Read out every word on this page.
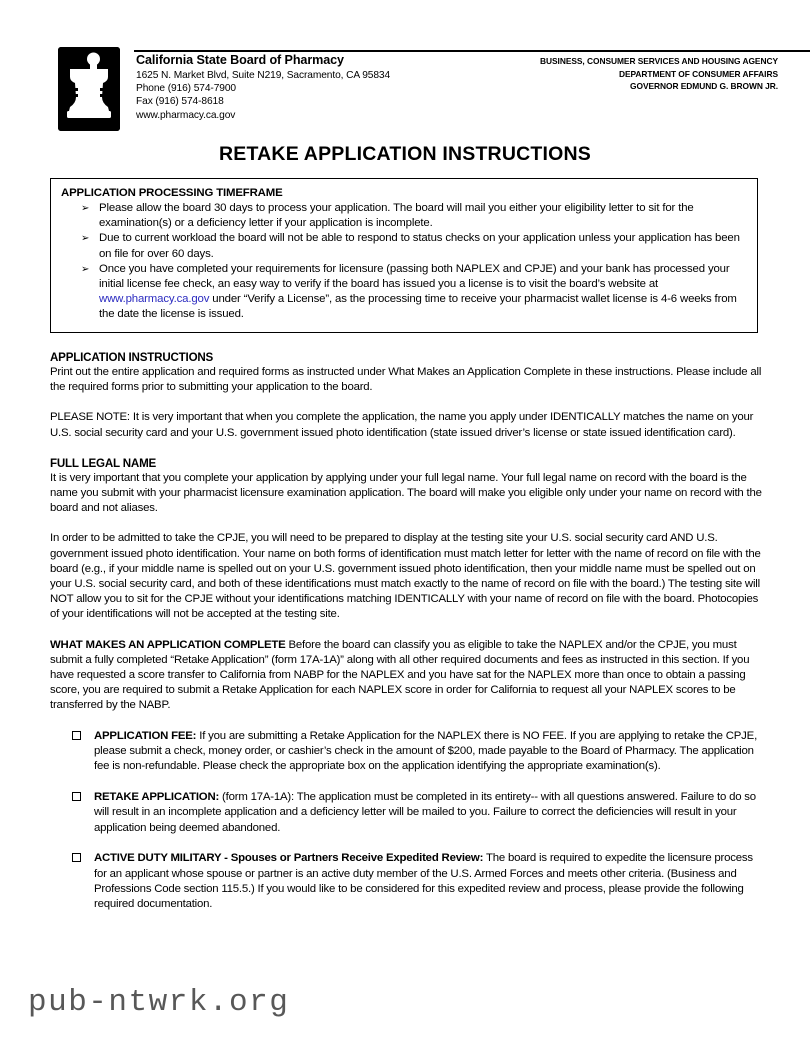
California State Board of Pharmacy
1625 N. Market Blvd, Suite N219, Sacramento, CA 95834
Phone (916) 574-7900
Fax (916) 574-8618
www.pharmacy.ca.gov
BUSINESS, CONSUMER SERVICES AND HOUSING AGENCY
DEPARTMENT OF CONSUMER AFFAIRS
GOVERNOR EDMUND G. BROWN JR.
RETAKE APPLICATION INSTRUCTIONS
APPLICATION PROCESSING TIMEFRAME
➢ Please allow the board 30 days to process your application. The board will mail you either your eligibility letter to sit for the examination(s) or a deficiency letter if your application is incomplete.
➢ Due to current workload the board will not be able to respond to status checks on your application unless your application has been on file for over 60 days.
➢ Once you have completed your requirements for licensure (passing both NAPLEX and CPJE) and your bank has processed your initial license fee check, an easy way to verify if the board has issued you a license is to visit the board’s website at www.pharmacy.ca.gov under “Verify a License”, as the processing time to receive your pharmacist wallet license is 4-6 weeks from the date the license is issued.
APPLICATION INSTRUCTIONS
Print out the entire application and required forms as instructed under What Makes an Application Complete in these instructions. Please include all the required forms prior to submitting your application to the board.
PLEASE NOTE: It is very important that when you complete the application, the name you apply under IDENTICALLY matches the name on your U.S. social security card and your U.S. government issued photo identification (state issued driver’s license or state issued identification card).
FULL LEGAL NAME
It is very important that you complete your application by applying under your full legal name. Your full legal name on record with the board is the name you submit with your pharmacist licensure examination application. The board will make you eligible only under your name on record with the board and not aliases.
In order to be admitted to take the CPJE, you will need to be prepared to display at the testing site your U.S. social security card AND U.S. government issued photo identification. Your name on both forms of identification must match letter for letter with the name of record on file with the board (e.g., if your middle name is spelled out on your U.S. government issued photo identification, then your middle name must be spelled out on your U.S. social security card, and both of these identifications must match exactly to the name of record on file with the board.) The testing site will NOT allow you to sit for the CPJE without your identifications matching IDENTICALLY with your name of record on file with the board. Photocopies of your identifications will not be accepted at the testing site.
WHAT MAKES AN APPLICATION COMPLETE Before the board can classify you as eligible to take the NAPLEX and/or the CPJE, you must submit a fully completed “Retake Application” (form 17A-1A)” along with all other required documents and fees as instructed in this section. If you have requested a score transfer to California from NABP for the NAPLEX and you have sat for the NAPLEX more than once to obtain a passing score, you are required to submit a Retake Application for each NAPLEX score in order for California to request all your NAPLEX scores to be transferred by the NABP.
APPLICATION FEE: If you are submitting a Retake Application for the NAPLEX there is NO FEE. If you are applying to retake the CPJE, please submit a check, money order, or cashier’s check in the amount of $200, made payable to the Board of Pharmacy. The application fee is non-refundable. Please check the appropriate box on the application identifying the appropriate examination(s).
RETAKE APPLICATION: (form 17A-1A): The application must be completed in its entirety-- with all questions answered. Failure to do so will result in an incomplete application and a deficiency letter will be mailed to you. Failure to correct the deficiencies will result in your application being deemed abandoned.
ACTIVE DUTY MILITARY - Spouses or Partners Receive Expedited Review: The board is required to expedite the licensure process for an applicant whose spouse or partner is an active duty member of the U.S. Armed Forces and meets other criteria. (Business and Professions Code section 115.5.) If you would like to be considered for this expedited review and process, please provide the following required documentation.
pub-ntwrk.org
